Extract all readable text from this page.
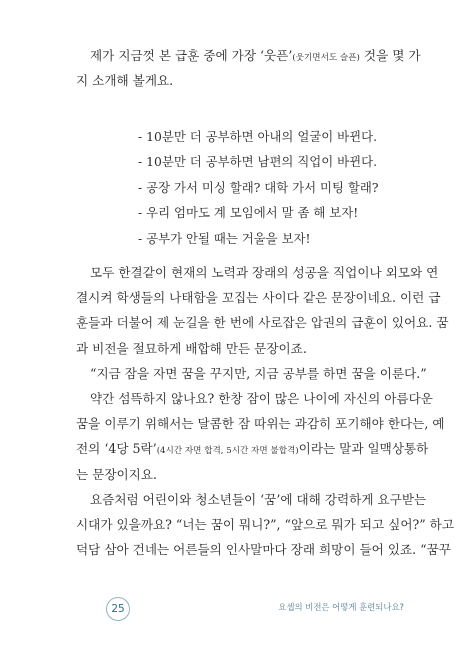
제가 지금껏 본 급훈 중에 가장 ‘웃픈’(웃기면서도 슬픈) 것을 몇 가
지 소개해 볼게요.
- 10분만 더 공부하면 아내의 얼굴이 바뀐다.
- 10분만 더 공부하면 남편의 직업이 바뀐다.
- 공장 가서 미싱 할래? 대학 가서 미팅 할래?
- 우리 엄마도 계 모임에서 말 좀 해 보자!
- 공부가 안될 때는 거울을 보자!
모두 한결같이 현재의 노력과 장래의 성공을 직업이나 외모와 연
결시켜 학생들의 나태함을 꼬집는 사이다 같은 문장이네요. 이런 급
훈들과 더불어 제 눈길을 한 번에 사로잡은 압권의 급훈이 있어요. 꿈
과 비전을 절묘하게 배합해 만든 문장이죠.
“지금 잠을 자면 꿈을 꾸지만, 지금 공부를 하면 꿈을 이룬다.”
약간 섬뜩하지 않나요? 한창 잠이 많은 나이에 자신의 아름다운
꿈을 이루기 위해서는 달콤한 잠 따위는 과감히 포기해야 한다는, 예
전의 ‘4당 5락’(4시간 자면 합격, 5시간 자면 불합격)이라는 말과 일맥상통하
는 문장이지요.
요즘처럼 어린이와 청소년들이 ‘꿈’에 대해 강력하게 요구받는
시대가 있을까요? “너는 꿈이 뭐니?”, “앞으로 뭐가 되고 싶어?” 하고
덕담 삼아 건네는 어른들의 인사말마다 장래 희망이 들어 있죠. “꿈꾸
25	요셉의 비전은 어떻게 훈련되나요?
